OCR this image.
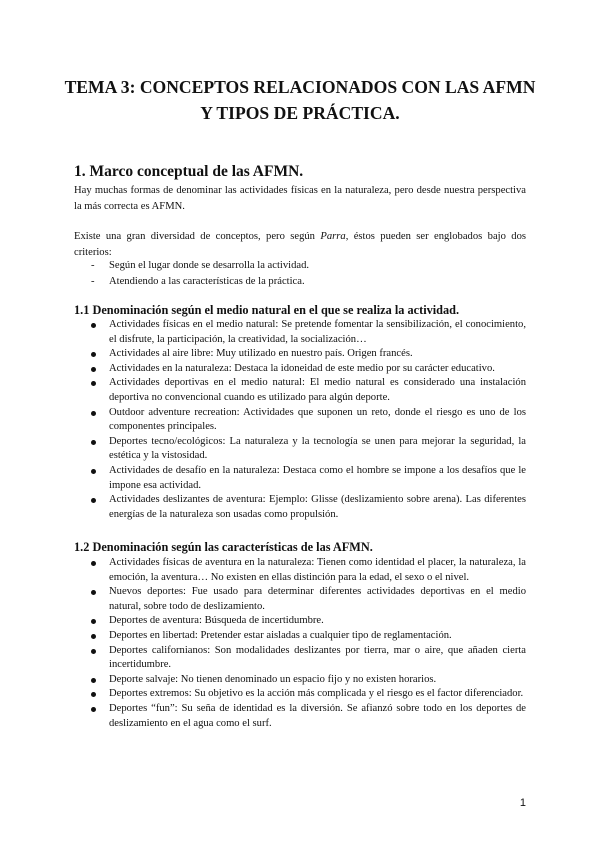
TEMA 3: CONCEPTOS RELACIONADOS CON LAS AFMN Y TIPOS DE PRÁCTICA.
1. Marco conceptual de las AFMN.

Hay muchas formas de denominar las actividades físicas en la naturaleza, pero desde nuestra perspectiva la más correcta es AFMN.

Existe una gran diversidad de conceptos, pero según Parra, éstos pueden ser englobados bajo dos criterios:

- Según el lugar donde se desarrolla la actividad.
- Atendiendo a las características de la práctica.
1.1 Denominación según el medio natural en el que se realiza la actividad.
Actividades físicas en el medio natural: Se pretende fomentar la sensibilización, el conocimiento, el disfrute, la participación, la creatividad, la socialización…
Actividades al aire libre: Muy utilizado en nuestro país. Origen francés.
Actividades en la naturaleza: Destaca la idoneidad de este medio por su carácter educativo.
Actividades deportivas en el medio natural: El medio natural es considerado una instalación deportiva no convencional cuando es utilizado para algún deporte.
Outdoor adventure recreation: Actividades que suponen un reto, donde el riesgo es uno de los componentes principales.
Deportes tecno/ecológicos: La naturaleza y la tecnología se unen para mejorar la seguridad, la estética y la vistosidad.
Actividades de desafío en la naturaleza: Destaca como el hombre se impone a los desafíos que le impone esa actividad.
Actividades deslizantes de aventura: Ejemplo: Glisse (deslizamiento sobre arena). Las diferentes energías de la naturaleza son usadas como propulsión.
1.2 Denominación según las características de las AFMN.
Actividades físicas de aventura en la naturaleza: Tienen como identidad el placer, la naturaleza, la emoción, la aventura… No existen en ellas distinción para la edad, el sexo o el nivel.
Nuevos deportes: Fue usado para determinar diferentes actividades deportivas en el medio natural, sobre todo de deslizamiento.
Deportes de aventura: Búsqueda de incertidumbre.
Deportes en libertad: Pretender estar aisladas a cualquier tipo de reglamentación.
Deportes californianos: Son modalidades deslizantes por tierra, mar o aire, que añaden cierta incertidumbre.
Deporte salvaje: No tienen denominado un espacio fijo y no existen horarios.
Deportes extremos: Su objetivo es la acción más complicada y el riesgo es el factor diferenciador.
Deportes “fun”: Su seña de identidad es la diversión. Se afianzó sobre todo en los deportes de deslizamiento en el agua como el surf.
1
